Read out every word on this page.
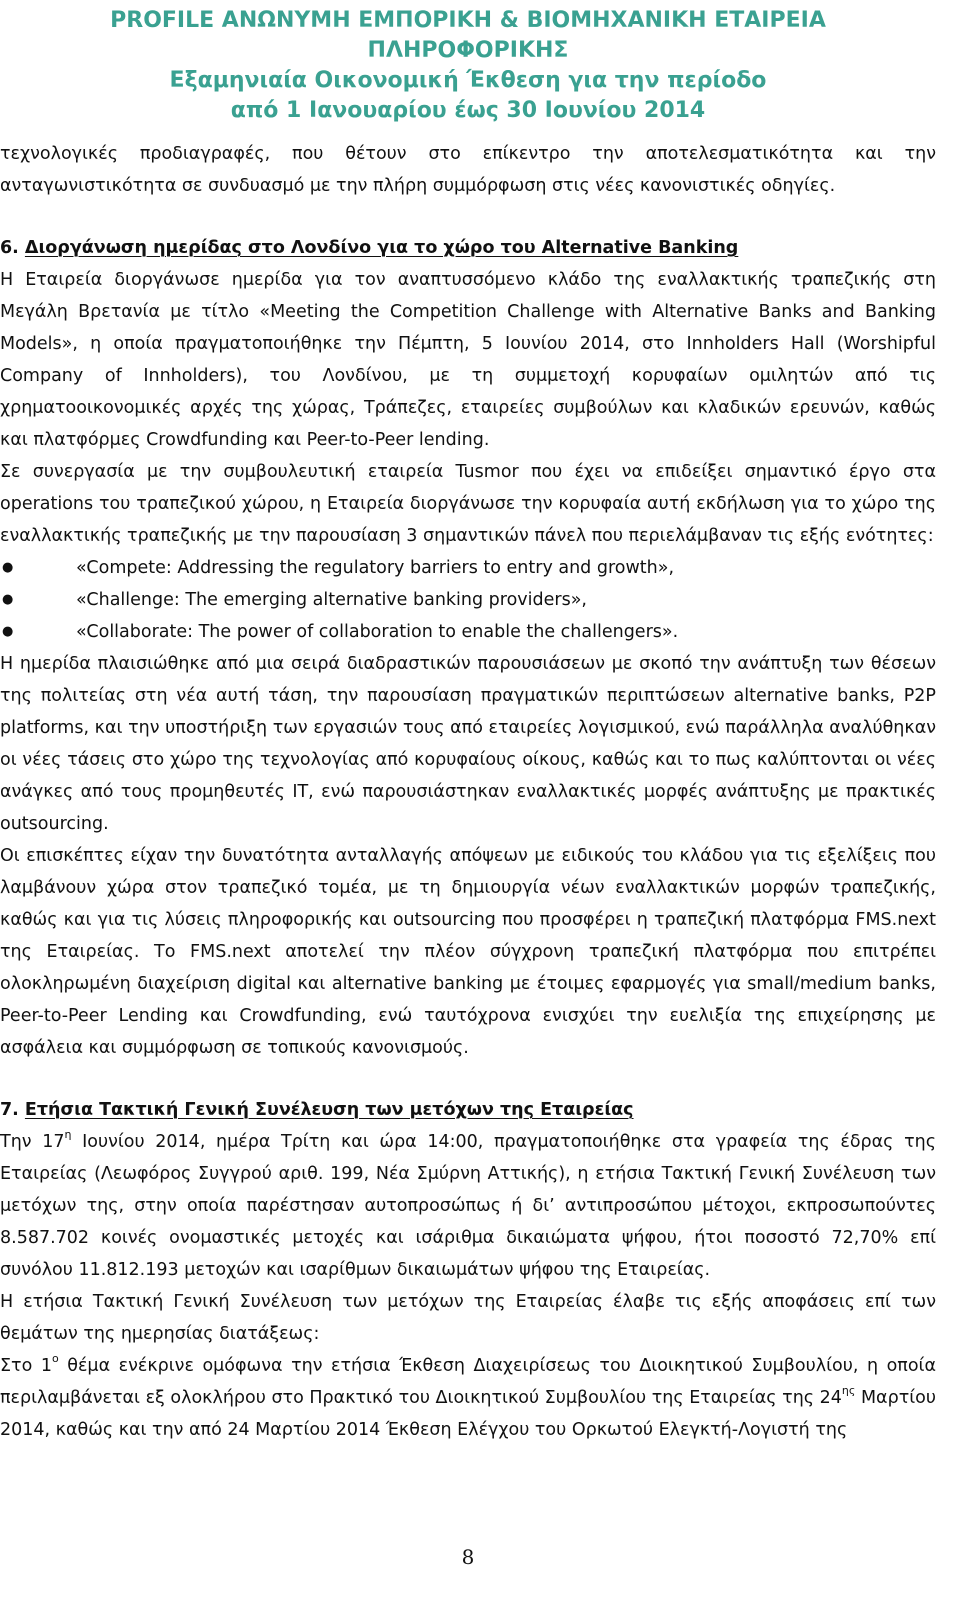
PROFILE ΑΝΩΝΥΜΗ ΕΜΠΟΡΙΚΗ & ΒΙΟΜΗΧΑΝΙΚΗ ΕΤΑΙΡΕΙΑ
ΠΛΗΡΟΦΟΡΙΚΗΣ
Εξαμηνιαία Οικονομική Έκθεση για την περίοδο
από 1 Ιανουαρίου έως 30 Ιουνίου 2014

τεχνολογικές προδιαγραφές, που θέτουν στο επίκεντρο την αποτελεσματικότητα και την ανταγωνιστικότητα σε συνδυασμό με την πλήρη συμμόρφωση στις νέες κανονιστικές οδηγίες.

6. Διοργάνωση ημερίδας στο Λονδίνο για το χώρο του Alternative Banking

Η Εταιρεία διοργάνωσε ημερίδα για τον αναπτυσσόμενο κλάδο της εναλλακτικής τραπεζικής στη Μεγάλη Βρετανία με τίτλο «Meeting the Competition Challenge with Alternative Banks and Banking Models», η οποία πραγματοποιήθηκε την Πέμπτη, 5 Ιουνίου 2014, στο Innholders Hall (Worshipful Company of Innholders), του Λονδίνου, με τη συμμετοχή κορυφαίων ομιλητών από τις χρηματοοικονομικές αρχές της χώρας, Τράπεζες, εταιρείες συμβούλων και κλαδικών ερευνών, καθώς και πλατφόρμες Crowdfunding και Peer-to-Peer lending.

Σε συνεργασία με την συμβουλευτική εταιρεία Tusmor που έχει να επιδείξει σημαντικό έργο στα operations του τραπεζικού χώρου, η Εταιρεία διοργάνωσε την κορυφαία αυτή εκδήλωση για το χώρο της εναλλακτικής τραπεζικής με την παρουσίαση 3 σημαντικών πάνελ που περιελάμβαναν τις εξής ενότητες:

●	«Compete: Addressing the regulatory barriers to entry and growth»,
●	«Challenge: The emerging alternative banking providers»,
●	«Collaborate: The power of collaboration to enable the challengers».

Η ημερίδα πλαισιώθηκε από μια σειρά διαδραστικών παρουσιάσεων με σκοπό την ανάπτυξη των θέσεων της πολιτείας στη νέα αυτή τάση, την παρουσίαση πραγματικών περιπτώσεων alternative banks, P2P platforms, και την υποστήριξη των εργασιών τους από εταιρείες λογισμικού, ενώ παράλληλα αναλύθηκαν οι νέες τάσεις στο χώρο της τεχνολογίας από κορυφαίους οίκους, καθώς και το πως καλύπτονται οι νέες ανάγκες από τους προμηθευτές IT, ενώ παρουσιάστηκαν εναλλακτικές μορφές ανάπτυξης με πρακτικές outsourcing.

Οι επισκέπτες είχαν την δυνατότητα ανταλλαγής απόψεων με ειδικούς του κλάδου για τις εξελίξεις που λαμβάνουν χώρα στον τραπεζικό τομέα, με τη δημιουργία νέων εναλλακτικών μορφών τραπεζικής, καθώς και για τις λύσεις πληροφορικής και outsourcing που προσφέρει η τραπεζική πλατφόρμα FMS.next της Εταιρείας. Το FMS.next αποτελεί την πλέον σύγχρονη τραπεζική πλατφόρμα που επιτρέπει ολοκληρωμένη διαχείριση digital και alternative banking με έτοιμες εφαρμογές για small/medium banks, Peer-to-Peer Lending και Crowdfunding, ενώ ταυτόχρονα ενισχύει την ευελιξία της επιχείρησης με ασφάλεια και συμμόρφωση σε τοπικούς κανονισμούς.

7. Ετήσια Τακτική Γενική Συνέλευση των μετόχων της Εταιρείας

Την $17^\eta$ Ιουνίου 2014, ημέρα Τρίτη και ώρα 14:00, πραγματοποιήθηκε στα γραφεία της έδρας της Εταιρείας (Λεωφόρος Συγγρού αριθ. 199, Νέα Σμύρνη Αττικής), η ετήσια Τακτική Γενική Συνέλευση των μετόχων της, στην οποία παρέστησαν αυτοπροσώπως ή δι’ αντιπροσώπου μέτοχοι, εκπροσωπούντες 8.587.702 κοινές ονομαστικές μετοχές και ισάριθμα δικαιώματα ψήφου, ήτοι ποσοστό 72,70% επί συνόλου 11.812.193 μετοχών και ισαρίθμων δικαιωμάτων ψήφου της Εταιρείας.

Η ετήσια Τακτική Γενική Συνέλευση των μετόχων της Εταιρείας έλαβε τις εξής αποφάσεις επί των θεμάτων της ημερησίας διατάξεως:

Στο $1^o$ θέμα ενέκρινε ομόφωνα την ετήσια Έκθεση Διαχειρίσεως του Διοικητικού Συμβουλίου, η οποία περιλαμβάνεται εξ ολοκλήρου στο Πρακτικό του Διοικητικού Συμβουλίου της Εταιρείας της $24^{\eta\varsigma}$ Μαρτίου 2014, καθώς και την από 24 Μαρτίου 2014 Έκθεση Ελέγχου του Ορκωτού Ελεγκτή-Λογιστή της

8
